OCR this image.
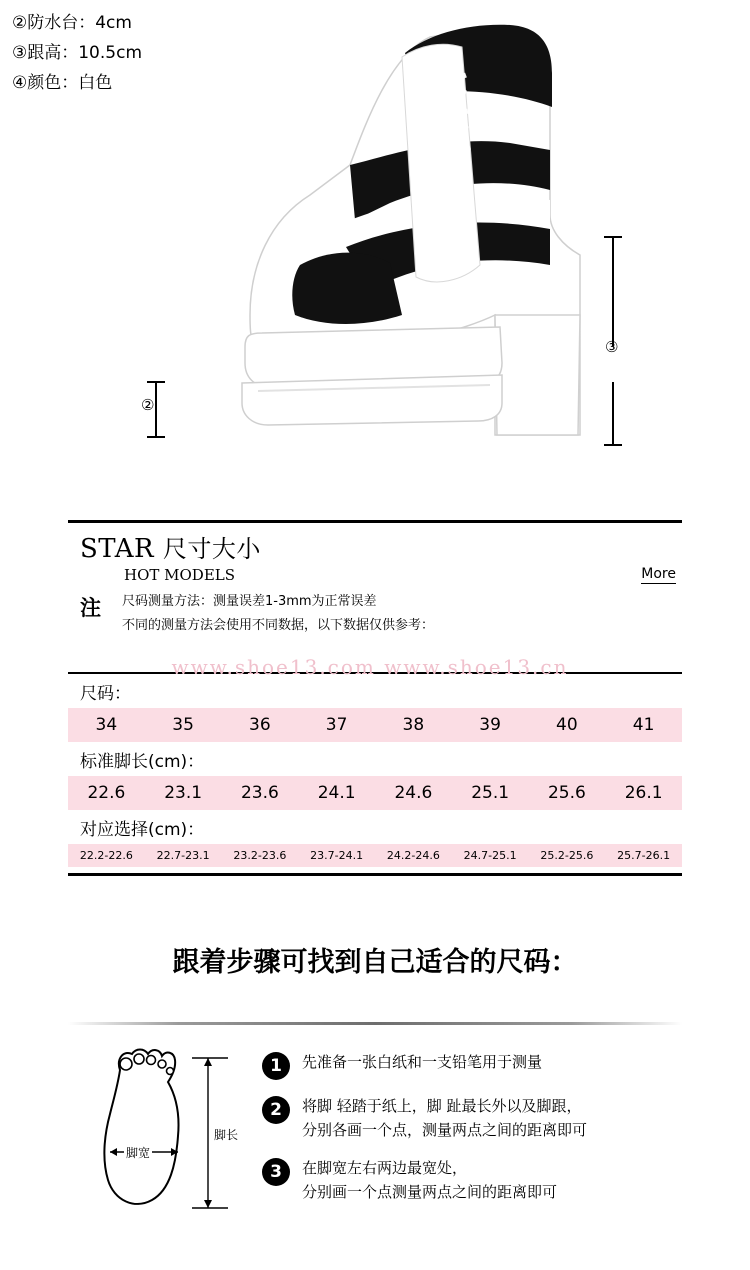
②防水台：4cm
③跟高：10.5cm
④颜色：白色
②
③
STAR 尺寸大小
HOT MODELS	More
注 尺码测量方法：测量误差1-3mm为正常误差
不同的测量方法会使用不同数据，以下数据仅供参考：
尺码：
34	35	36	37	38	39	40	41
标准脚长(cm)：
22.6	23.1	23.6	24.1	24.6	25.1	25.6	26.1
对应选择(cm)：
22.2-22.6	22.7-23.1	23.2-23.6	23.7-24.1	24.2-24.6	24.7-25.1	25.2-25.6	25.7-26.1
www.shoe13.com www.shoe13.cn
跟着步骤可找到自己适合的尺码：
脚宽
脚长
1	先准备一张白纸和一支铅笔用于测量
2	将脚 轻踏于纸上，脚 趾最长外以及脚跟，
分别各画一个点，测量两点之间的距离即可
3	在脚宽左右两边最宽处，
分别画一个点测量两点之间的距离即可
